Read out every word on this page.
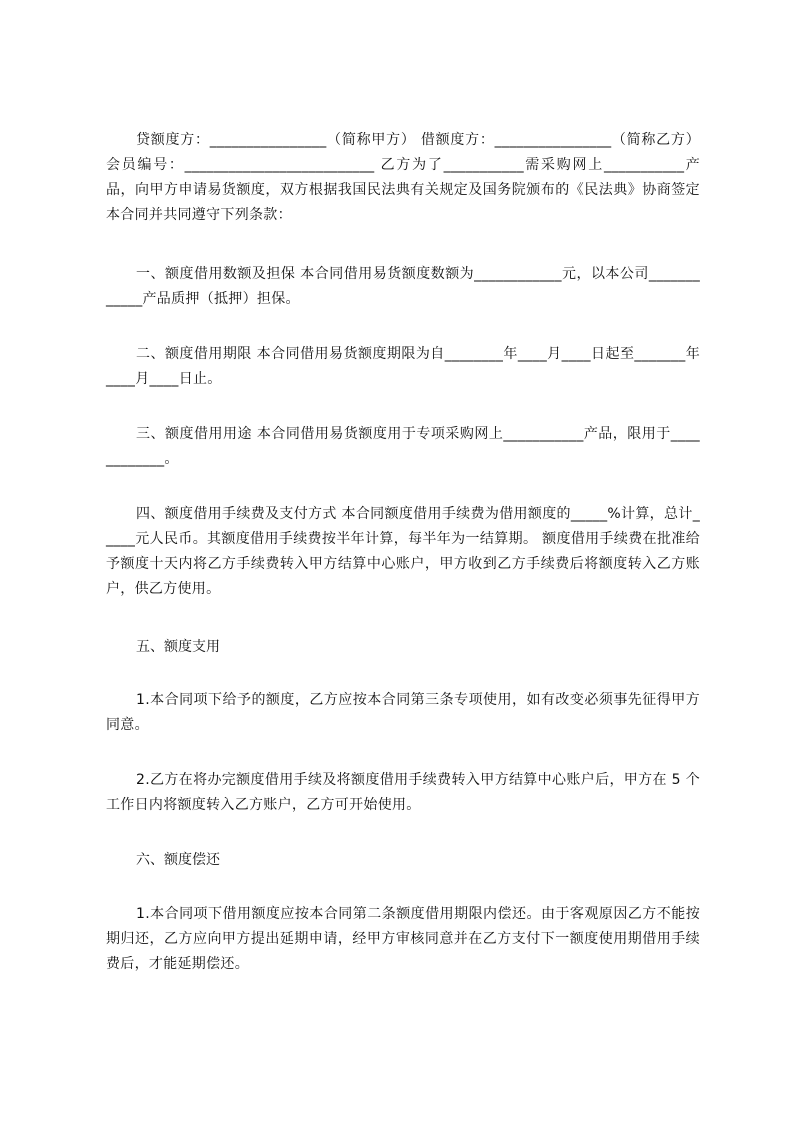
贷额度方：________________（简称甲方） 借额度方：________________（简称乙方） 会员编号：__________________________ 乙方为了___________需采购网上___________产品，向甲方申请易货额度，双方根据我国民法典有关规定及国务院颁布的《民法典》协商签定本合同并共同遵守下列条款：

一、额度借用数额及担保 本合同借用易货额度数额为____________元，以本公司____________产品质押（抵押）担保。

二、额度借用期限 本合同借用易货额度期限为自________年____月____日起至_______年____月____日止。

三、额度借用用途 本合同借用易货额度用于专项采购网上___________产品，限用于____________。

四、额度借用手续费及支付方式 本合同额度借用手续费为借用额度的_____%计算，总计_____元人民币。其额度借用手续费按半年计算，每半年为一结算期。 额度借用手续费在批准给予额度十天内将乙方手续费转入甲方结算中心账户，甲方收到乙方手续费后将额度转入乙方账户，供乙方使用。

五、额度支用

1.本合同项下给予的额度，乙方应按本合同第三条专项使用，如有改变必须事先征得甲方同意。

2.乙方在将办完额度借用手续及将额度借用手续费转入甲方结算中心账户后，甲方在 5 个工作日内将额度转入乙方账户，乙方可开始使用。

六、额度偿还

1.本合同项下借用额度应按本合同第二条额度借用期限内偿还。由于客观原因乙方不能按期归还，乙方应向甲方提出延期申请，经甲方审核同意并在乙方支付下一额度使用期借用手续费后，才能延期偿还。
